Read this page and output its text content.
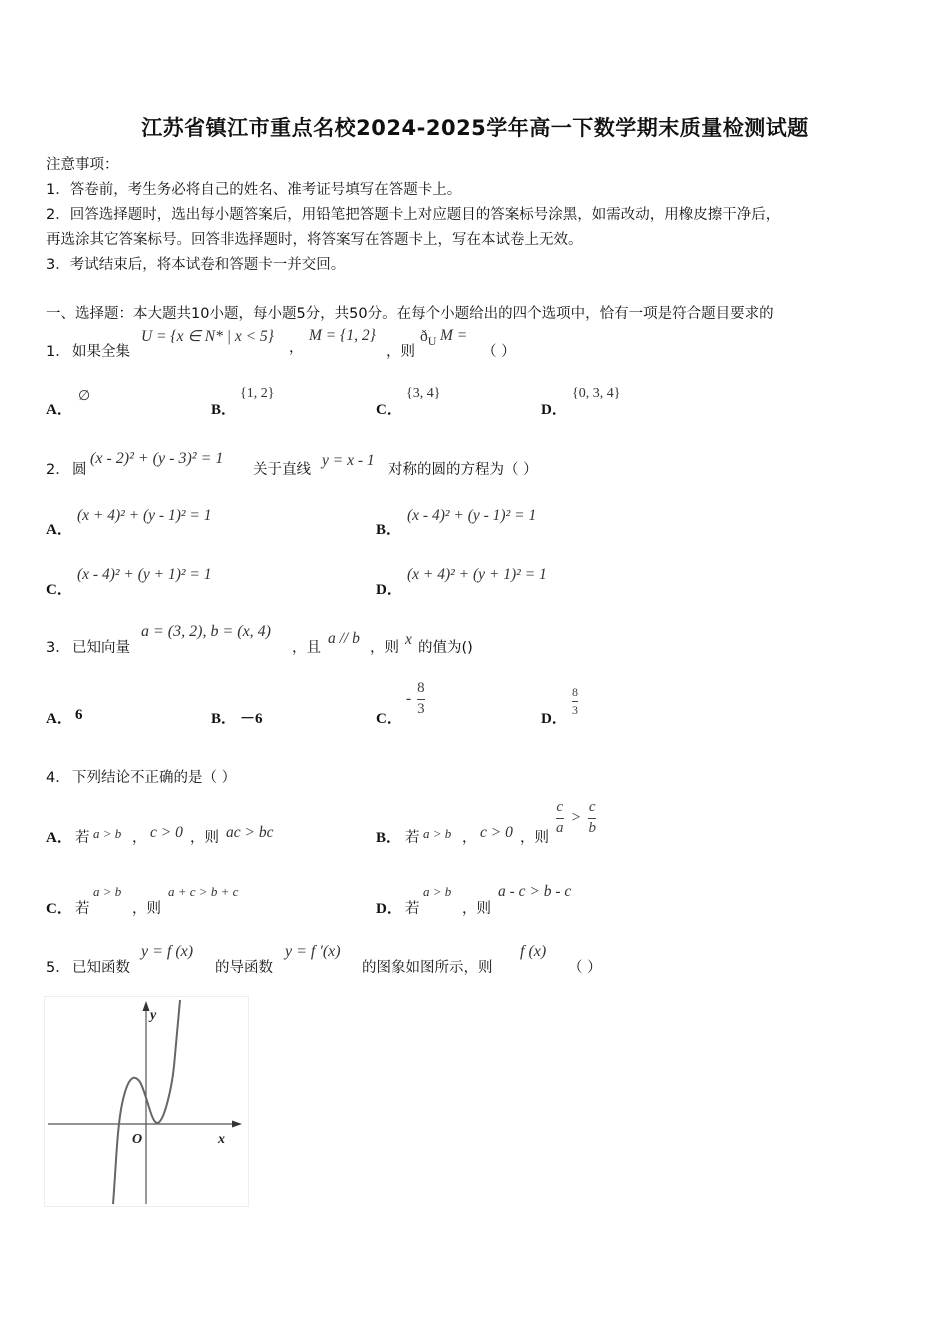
江苏省镇江市重点名校2024-2025学年高一下数学期末质量检测试题
注意事项：
1．答卷前，考生务必将自己的姓名、准考证号填写在答题卡上。
2．回答选择题时，选出每小题答案后，用铅笔把答题卡上对应题目的答案标号涂黑，如需改动，用橡皮擦干净后，
再选涂其它答案标号。回答非选择题时，将答案写在答题卡上，写在本试卷上无效。
3．考试结束后，将本试卷和答题卡一并交回。
一、选择题：本大题共10小题，每小题5分，共50分。在每个小题给出的四个选项中，恰有一项是符合题目要求的
1． 如果全集
U = {x ∈ N* | x < 5}
，
M = {1, 2}
，则
$ð_U$ M =
（ ）
A．
∅
B．
{1, 2}
C．
{3, 4}
D．
{0, 3, 4}
2． 圆
(x - 2)² + (y - 3)² = 1
关于直线
y = x - 1
对称的圆的方程为（ ）
A．
(x + 4)² + (y - 1)² = 1
B．
(x - 4)² + (y - 1)² = 1
C．
(x - 4)² + (y + 1)² = 1
D．
(x + 4)² + (y + 1)² = 1
3． 已知向量
a = (3, 2), b = (x, 4)
，且
a // b
，则 x 的值为()
A． 6	B． －6	C．
- $\frac{8}{3}$
D．
$\frac{8}{3}$
4． 下列结论不正确的是（ ）
A． 若 a > b ， c > 0 ，则 ac > bc	B． 若 a > b ， c > 0 ，则
$\frac{c}{a} > \frac{c}{b}$
C． 若
a > b
，则
a + c > b + c
D． 若
a > b
，则
a - c > b - c
5． 已知函数
y = f (x)
的导函数
y = f ′(x)
的图象如图所示，则
f (x)
（ ）
y
x
O
